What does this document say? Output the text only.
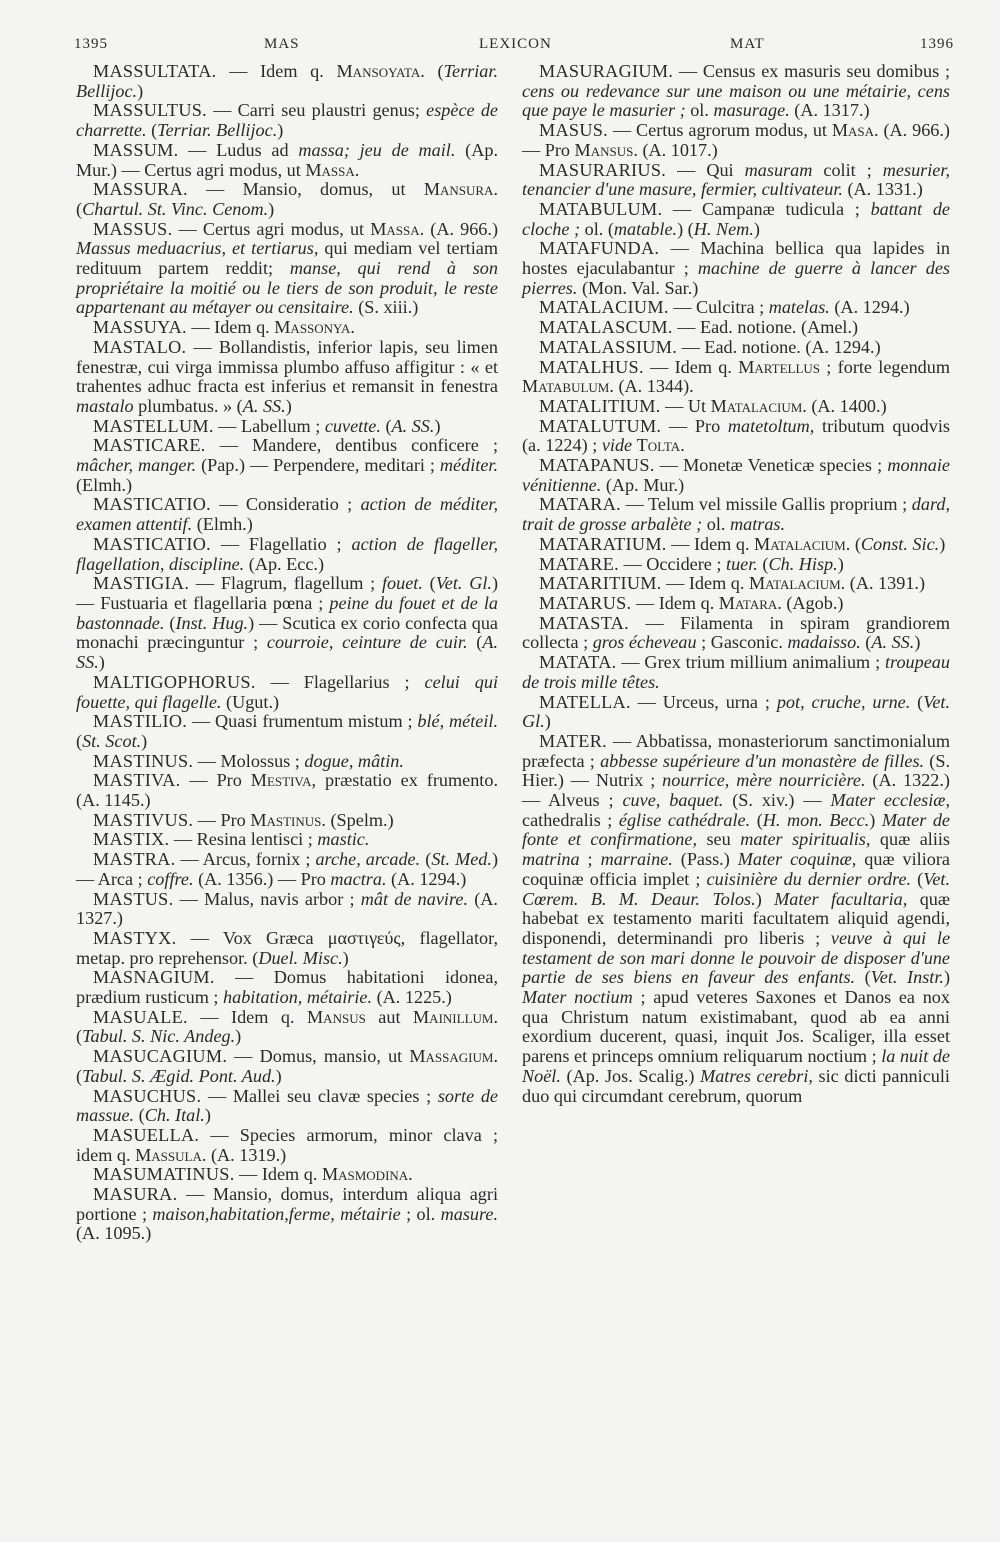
1395	MAS	LEXICON	MAT	1396

MASSULTATA. — Idem q. Mansoyata. (Terriar. Bellijoc.)

MASSULTUS. — Carri seu plaustri genus; espèce de charrette. (Terriar. Bellijoc.)

MASSUM. — Ludus ad massa; jeu de mail. (Ap. Mur.) — Certus agri modus, ut Massa.

MASSURA. — Mansio, domus, ut Mansura. (Chartul. St. Vinc. Cenom.)

MASSUS. — Certus agri modus, ut Massa. (A. 966.) Massus meduacrius, et tertiarus, qui mediam vel tertiam redituum partem reddit; manse, qui rend à son propriétaire la moitié ou le tiers de son produit, le reste appartenant au métayer ou censitaire. (S. xiii.)

MASSUYA. — Idem q. Massonya.

MASTALO. — Bollandistis, inferior lapis, seu limen fenestræ, cui virga immissa plumbo affuso affigitur : « et trahentes adhuc fracta est inferius et remansit in fenestra mastalo plumbatus. » (A. SS.)

MASTELLUM. — Labellum ; cuvette. (A. SS.)

MASTICARE. — Mandere, dentibus conficere ; mâcher, manger. (Pap.) — Perpendere, meditari ; méditer. (Elmh.)

MASTICATIO. — Consideratio ; action de méditer, examen attentif. (Elmh.)

MASTICATIO. — Flagellatio ; action de flageller, flagellation, discipline. (Ap. Ecc.)

MASTIGIA. — Flagrum, flagellum ; fouet. (Vet. Gl.) — Fustuaria et flagellaria pœna ; peine du fouet et de la bastonnade. (Inst. Hug.) — Scutica ex corio confecta qua monachi præcinguntur ; courroie, ceinture de cuir. (A. SS.)

MALTIGOPHORUS. — Flagellarius ; celui qui fouette, qui flagelle. (Ugut.)

MASTILIO. — Quasi frumentum mistum ; blé, méteil. (St. Scot.)

MASTINUS. — Molossus ; dogue, mâtin.

MASTIVA. — Pro Mestiva, præstatio ex frumento. (A. 1145.)

MASTIVUS. — Pro Mastinus. (Spelm.)

MASTIX. — Resina lentisci ; mastic.

MASTRA. — Arcus, fornix ; arche, arcade. (St. Med.) — Arca ; coffre. (A. 1356.) — Pro mactra. (A. 1294.)

MASTUS. — Malus, navis arbor ; mât de navire. (A. 1327.)

MASTYX. — Vox Græca μαστιγεύς, flagellator, metap. pro reprehensor. (Duel. Misc.)

MASNAGIUM. — Domus habitationi idonea, prædium rusticum ; habitation, métairie. (A. 1225.)

MASUALE. — Idem q. Mansus aut Mainillum. (Tabul. S. Nic. Andeg.)

MASUCAGIUM. — Domus, mansio, ut Massagium. (Tabul. S. Ægid. Pont. Aud.)

MASUCHUS. — Mallei seu clavæ species ; sorte de massue. (Ch. Ital.)

MASUELLA. — Species armorum, minor clava ; idem q. Massula. (A. 1319.)

MASUMATINUS. — Idem q. Masmodina.

MASURA. — Mansio, domus, interdum aliqua agri portione ; maison,habitation,ferme, métairie ; ol. masure. (A. 1095.)

MASURAGIUM. — Census ex masuris seu domibus ; cens ou redevance sur une maison ou une métairie, cens que paye le masurier ; ol. masurage. (A. 1317.)

MASUS. — Certus agrorum modus, ut Masa. (A. 966.) — Pro Mansus. (A. 1017.)

MASURARIUS. — Qui masuram colit ; mesurier, tenancier d'une masure, fermier, cultivateur. (A. 1331.)

MATABULUM. — Campanæ tudicula ; battant de cloche ; ol. (matable.) (H. Nem.)

MATAFUNDA. — Machina bellica qua lapides in hostes ejaculabantur ; machine de guerre à lancer des pierres. (Mon. Val. Sar.)

MATALACIUM. — Culcitra ; matelas. (A. 1294.)

MATALASCUM. — Ead. notione. (Amel.)

MATALASSIUM. — Ead. notione. (A. 1294.)

MATALHUS. — Idem q. Martellus ; forte legendum Matabulum. (A. 1344).

MATALITIUM. — Ut Matalacium. (A. 1400.)

MATALUTUM. — Pro matetoltum, tributum quodvis (a. 1224) ; vide Tolta.

MATAPANUS. — Monetæ Veneticæ species ; monnaie vénitienne. (Ap. Mur.)

MATARA. — Telum vel missile Gallis proprium ; dard, trait de grosse arbalète ; ol. matras.

MATARATIUM. — Idem q. Matalacium. (Const. Sic.)

MATARE. — Occidere ; tuer. (Ch. Hisp.)

MATARITIUM. — Idem q. Matalacium. (A. 1391.)

MATARUS. — Idem q. Matara. (Agob.)

MATASTA. — Filamenta in spiram grandiorem collecta ; gros écheveau ; Gasconic. madaisso. (A. SS.)

MATATA. — Grex trium millium animalium ; troupeau de trois mille têtes.

MATELLA. — Urceus, urna ; pot, cruche, urne. (Vet. Gl.)

MATER. — Abbatissa, monasteriorum sanctimonialum præfecta ; abbesse supérieure d'un monastère de filles. (S. Hier.) — Nutrix ; nourrice, mère nourricière. (A. 1322.) — Alveus ; cuve, baquet. (S. xiv.) — Mater ecclesiæ, cathedralis ; église cathédrale. (H. mon. Becc.) Mater de fonte et confirmatione, seu mater spiritualis, quæ aliis matrina ; marraine. (Pass.) Mater coquinæ, quæ viliora coquinæ officia implet ; cuisinière du dernier ordre. (Vet. Cœrem. B. M. Deaur. Tolos.) Mater facultaria, quæ habebat ex testamento mariti facultatem aliquid agendi, disponendi, determinandi pro liberis ; veuve à qui le testament de son mari donne le pouvoir de disposer d'une partie de ses biens en faveur des enfants. (Vet. Instr.) Mater noctium ; apud veteres Saxones et Danos ea nox qua Christum natum existimabant, quod ab ea anni exordium ducerent, quasi, inquit Jos. Scaliger, illa esset parens et princeps omnium reliquarum noctium ; la nuit de Noël. (Ap. Jos. Scalig.) Matres cerebri, sic dicti panniculi duo qui circumdant cerebrum, quorum
